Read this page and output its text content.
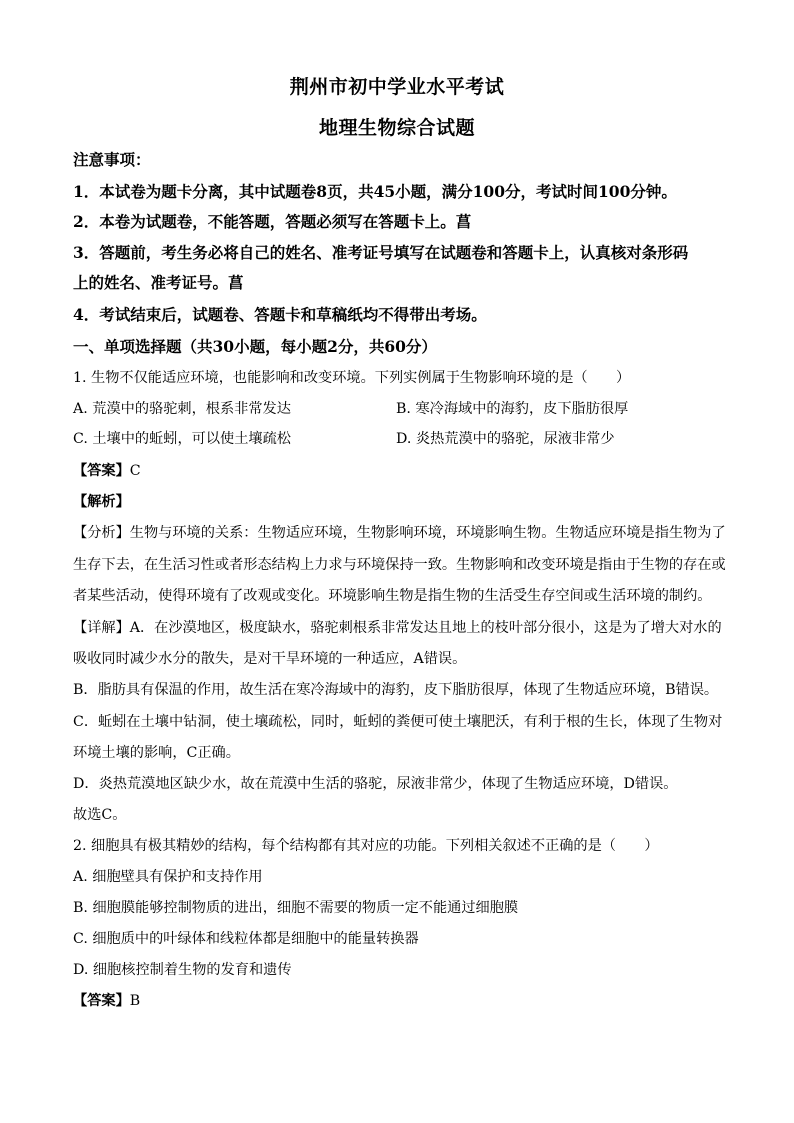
荆州市初中学业水平考试
地理生物综合试题
注意事项：
1．本试卷为题卡分离，其中试题卷8页，共45小题，满分100分，考试时间100分钟。
2．本卷为试题卷，不能答题，答题必须写在答题卡上。菖
3．答题前，考生务必将自己的姓名、准考证号填写在试题卷和答题卡上，认真核对条形码
上的姓名、准考证号。菖
4．考试结束后，试题卷、答题卡和草稿纸均不得带出考场。
一、单项选择题（共30小题，每小题2分，共60分）
1. 生物不仅能适应环境，也能影响和改变环境。下列实例属于生物影响环境的是（　　）
A. 荒漠中的骆驼刺，根系非常发达	B. 寒冷海域中的海豹，皮下脂肪很厚
C. 土壤中的蚯蚓，可以使土壤疏松	D. 炎热荒漠中的骆驼，尿液非常少
【答案】C
【解析】
【分析】生物与环境的关系：生物适应环境，生物影响环境，环境影响生物。生物适应环境是指生物为了
生存下去，在生活习性或者形态结构上力求与环境保持一致。生物影响和改变环境是指由于生物的存在或
者某些活动，使得环境有了改观或变化。环境影响生物是指生物的生活受生存空间或生活环境的制约。
【详解】A．在沙漠地区，极度缺水，骆驼刺根系非常发达且地上的枝叶部分很小，这是为了增大对水的
吸收同时减少水分的散失，是对干旱环境的一种适应，A错误。
B．脂肪具有保温的作用，故生活在寒冷海域中的海豹，皮下脂肪很厚，体现了生物适应环境，B错误。
C．蚯蚓在土壤中钻洞，使土壤疏松，同时，蚯蚓的粪便可使土壤肥沃，有利于根的生长，体现了生物对
环境土壤的影响，C正确。
D．炎热荒漠地区缺少水，故在荒漠中生活的骆驼，尿液非常少，体现了生物适应环境，D错误。
故选C。
2. 细胞具有极其精妙的结构，每个结构都有其对应的功能。下列相关叙述不正确的是（　　）
A. 细胞壁具有保护和支持作用
B. 细胞膜能够控制物质的进出，细胞不需要的物质一定不能通过细胞膜
C. 细胞质中的叶绿体和线粒体都是细胞中的能量转换器
D. 细胞核控制着生物的发育和遗传
【答案】B
